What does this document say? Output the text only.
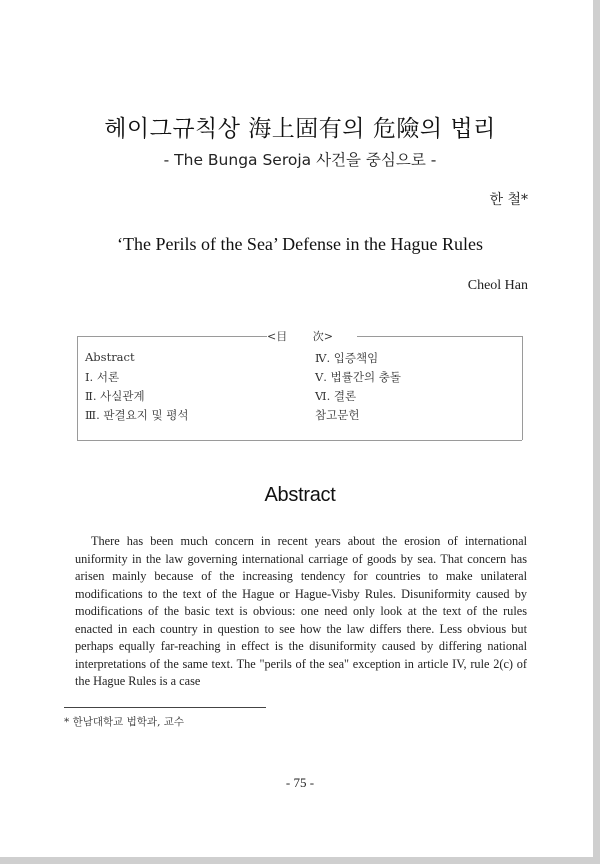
헤이그규칙상 海上固有의 危險의 법리
- The Bunga Seroja 사건을 중심으로 -
한 철*
‘The Perils of the Sea’ Defense in the Hague Rules
Cheol Han
<目　　 次>
Abstract
Ⅰ. 서론
Ⅱ. 사실관계
Ⅲ. 판결요지 및 평석
Ⅳ. 입증책임
Ⅴ. 법률간의 충돌
Ⅵ. 결론
참고문헌
Abstract
There has been much concern in recent years about the erosion of international uniformity in the law governing international carriage of goods by sea. That concern has arisen mainly because of the increasing tendency for countries to make unilateral modifications to the text of the Hague or Hague-Visby Rules. Disuniformity caused by modifications of the basic text is obvious: one need only look at the text of the rules enacted in each country in question to see how the law differs there. Less obvious but perhaps equally far-reaching in effect is the disuniformity caused by differing national interpretations of the same text. The "perils of the sea" exception in article IV, rule 2(c) of the Hague Rules is a case
* 한남대학교 법학과, 교수
- 75 -
